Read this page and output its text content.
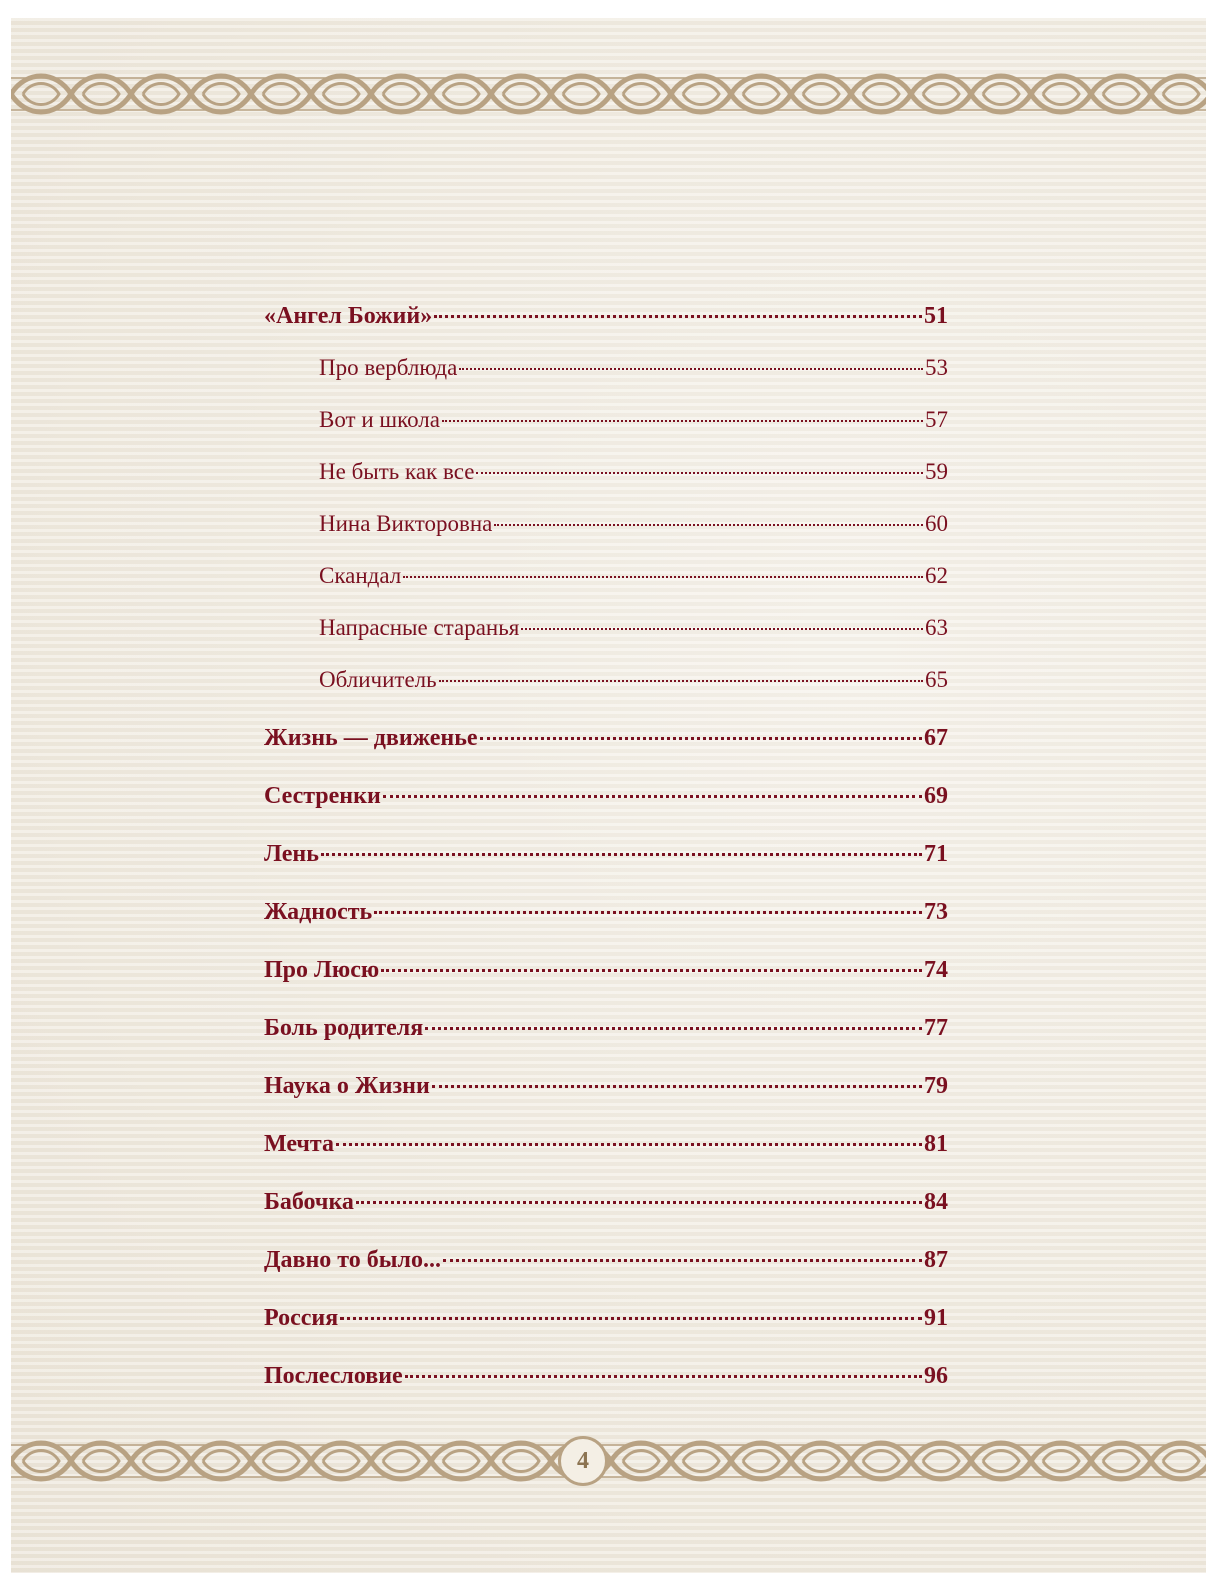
«Ангел Божий»	51
Про верблюда	53
Вот и школа	57
Не быть как все	59
Нина Викторовна	60
Скандал	62
Напрасные старанья	63
Обличитель	65
Жизнь — движенье	67
Сестренки	69
Лень	71
Жадность	73
Про Люсю	74
Боль родителя	77
Наука о Жизни	79
Мечта	81
Бабочка	84
Давно то было...	87
Россия	91
Послесловие	96
4
